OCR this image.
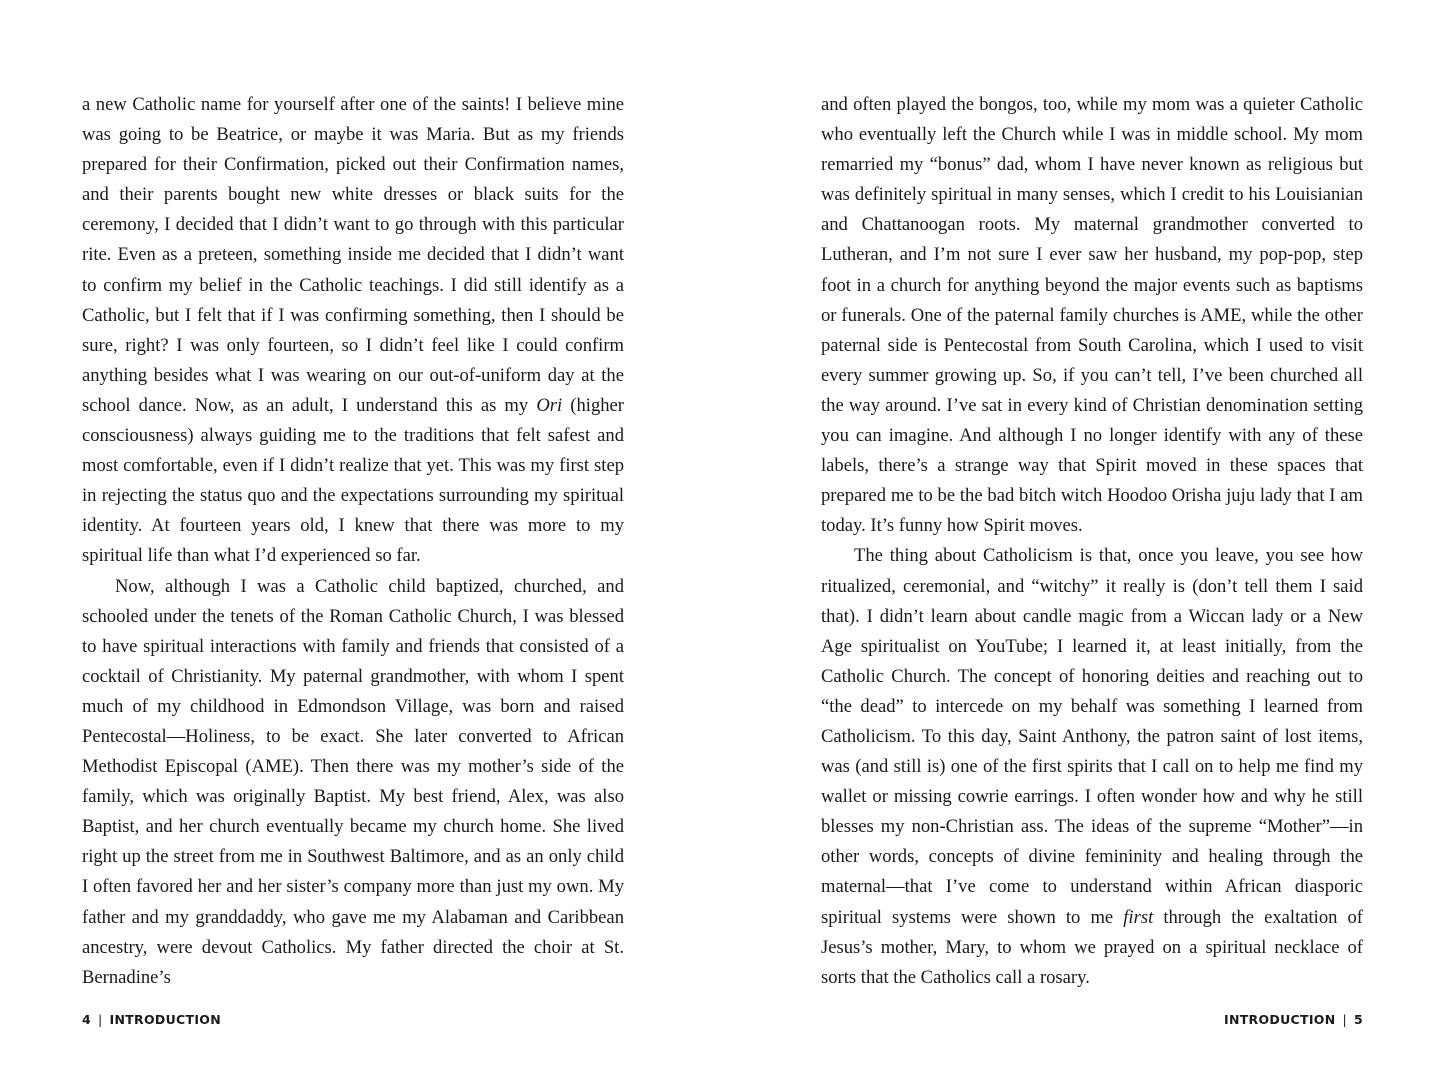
a new Catholic name for yourself after one of the saints! I believe mine was going to be Beatrice, or maybe it was Maria. But as my friends prepared for their Confirmation, picked out their Confirmation names, and their parents bought new white dresses or black suits for the ceremony, I decided that I didn’t want to go through with this particular rite. Even as a preteen, something inside me decided that I didn’t want to confirm my belief in the Catholic teachings. I did still identify as a Catholic, but I felt that if I was confirming something, then I should be sure, right? I was only fourteen, so I didn’t feel like I could confirm anything besides what I was wearing on our out-of-uniform day at the school dance. Now, as an adult, I understand this as my Ori (higher consciousness) always guiding me to the traditions that felt safest and most comfortable, even if I didn’t realize that yet. This was my first step in rejecting the status quo and the expectations surrounding my spiritual identity. At fourteen years old, I knew that there was more to my spiritual life than what I’d experienced so far.

Now, although I was a Catholic child baptized, churched, and schooled under the tenets of the Roman Catholic Church, I was blessed to have spiritual interactions with family and friends that consisted of a cocktail of Christianity. My paternal grandmother, with whom I spent much of my childhood in Edmondson Village, was born and raised Pentecostal—Holiness, to be exact. She later converted to African Methodist Episcopal (AME). Then there was my mother’s side of the family, which was originally Baptist. My best friend, Alex, was also Baptist, and her church eventually became my church home. She lived right up the street from me in Southwest Baltimore, and as an only child I often favored her and her sister’s company more than just my own. My father and my granddaddy, who gave me my Alabaman and Caribbean ancestry, were devout Catholics. My father directed the choir at St. Bernadine’s

4 | INTRODUCTION

and often played the bongos, too, while my mom was a quieter Catholic who eventually left the Church while I was in middle school. My mom remarried my “bonus” dad, whom I have never known as religious but was definitely spiritual in many senses, which I credit to his Louisianian and Chattanoogan roots. My maternal grandmother converted to Lutheran, and I’m not sure I ever saw her husband, my pop-pop, step foot in a church for anything beyond the major events such as baptisms or funerals. One of the paternal family churches is AME, while the other paternal side is Pentecostal from South Carolina, which I used to visit every summer growing up. So, if you can’t tell, I’ve been churched all the way around. I’ve sat in every kind of Christian denomination setting you can imagine. And although I no longer identify with any of these labels, there’s a strange way that Spirit moved in these spaces that prepared me to be the bad bitch witch Hoodoo Orisha juju lady that I am today. It’s funny how Spirit moves.

The thing about Catholicism is that, once you leave, you see how ritualized, ceremonial, and “witchy” it really is (don’t tell them I said that). I didn’t learn about candle magic from a Wiccan lady or a New Age spiritualist on YouTube; I learned it, at least initially, from the Catholic Church. The concept of honoring deities and reaching out to “the dead” to intercede on my behalf was something I learned from Catholicism. To this day, Saint Anthony, the patron saint of lost items, was (and still is) one of the first spirits that I call on to help me find my wallet or missing cowrie earrings. I often wonder how and why he still blesses my non-Christian ass. The ideas of the supreme “Mother”—in other words, concepts of divine femininity and healing through the maternal—that I’ve come to understand within African diasporic spiritual systems were shown to me first through the exaltation of Jesus’s mother, Mary, to whom we prayed on a spiritual necklace of sorts that the Catholics call a rosary.

INTRODUCTION | 5
